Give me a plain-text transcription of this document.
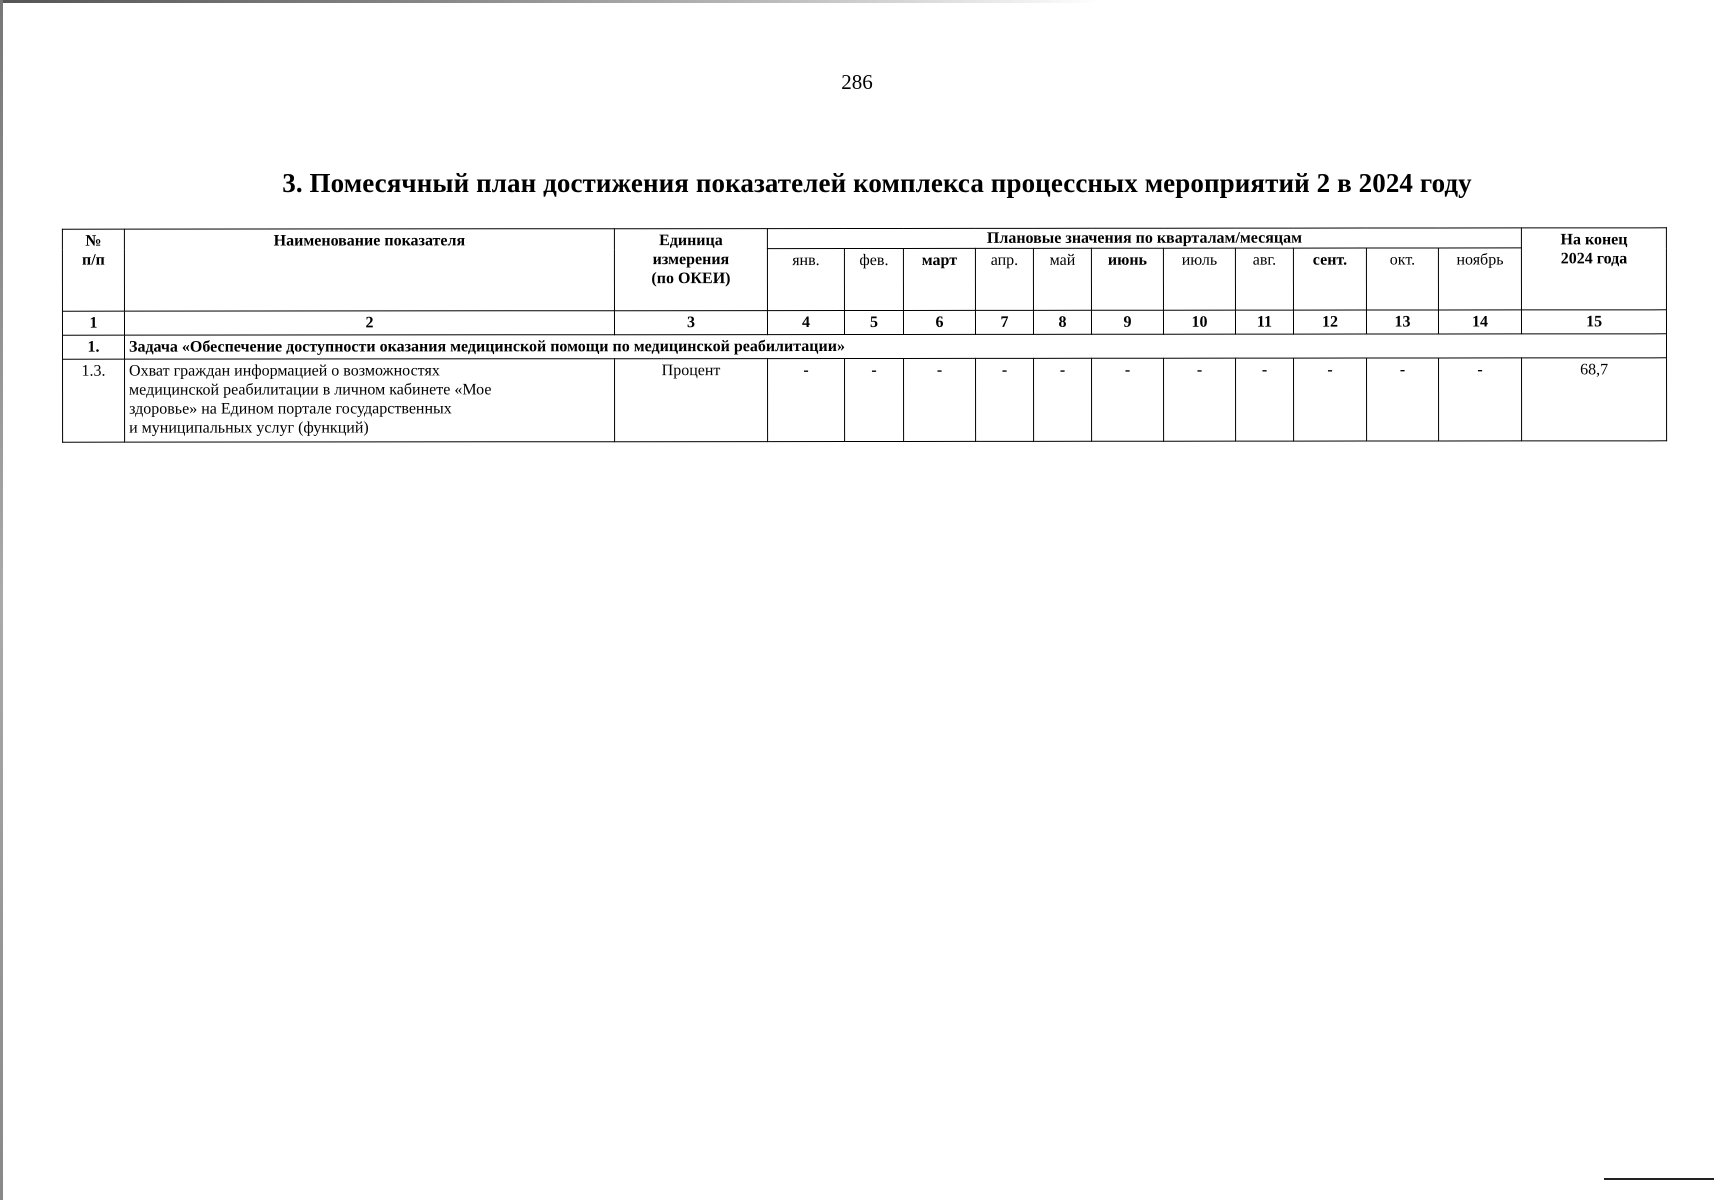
286
3. Помесячный план достижения показателей комплекса процессных мероприятий 2 в 2024 году
№
п/п	Наименование показателя	Единица
измерения
(по ОКЕИ)	Плановые значения по кварталам/месяцам											На конец
2024 года
			янв.	фев.	март	апр.	май	июнь	июль	авг.	сент.	окт.	ноябрь	
1	2	3	4	5	6	7	8	9	10	11	12	13	14	15
1.	Задача «Обеспечение доступности оказания медицинской помощи по медицинской реабилитации»													
1.3.	Охват граждан информацией о возможностях
медицинской реабилитации в личном кабинете «Мое
здоровье» на Едином портале государственных
и муниципальных услуг (функций)	Процент	-	-	-	-	-	-	-	-	-	-	-	68,7
